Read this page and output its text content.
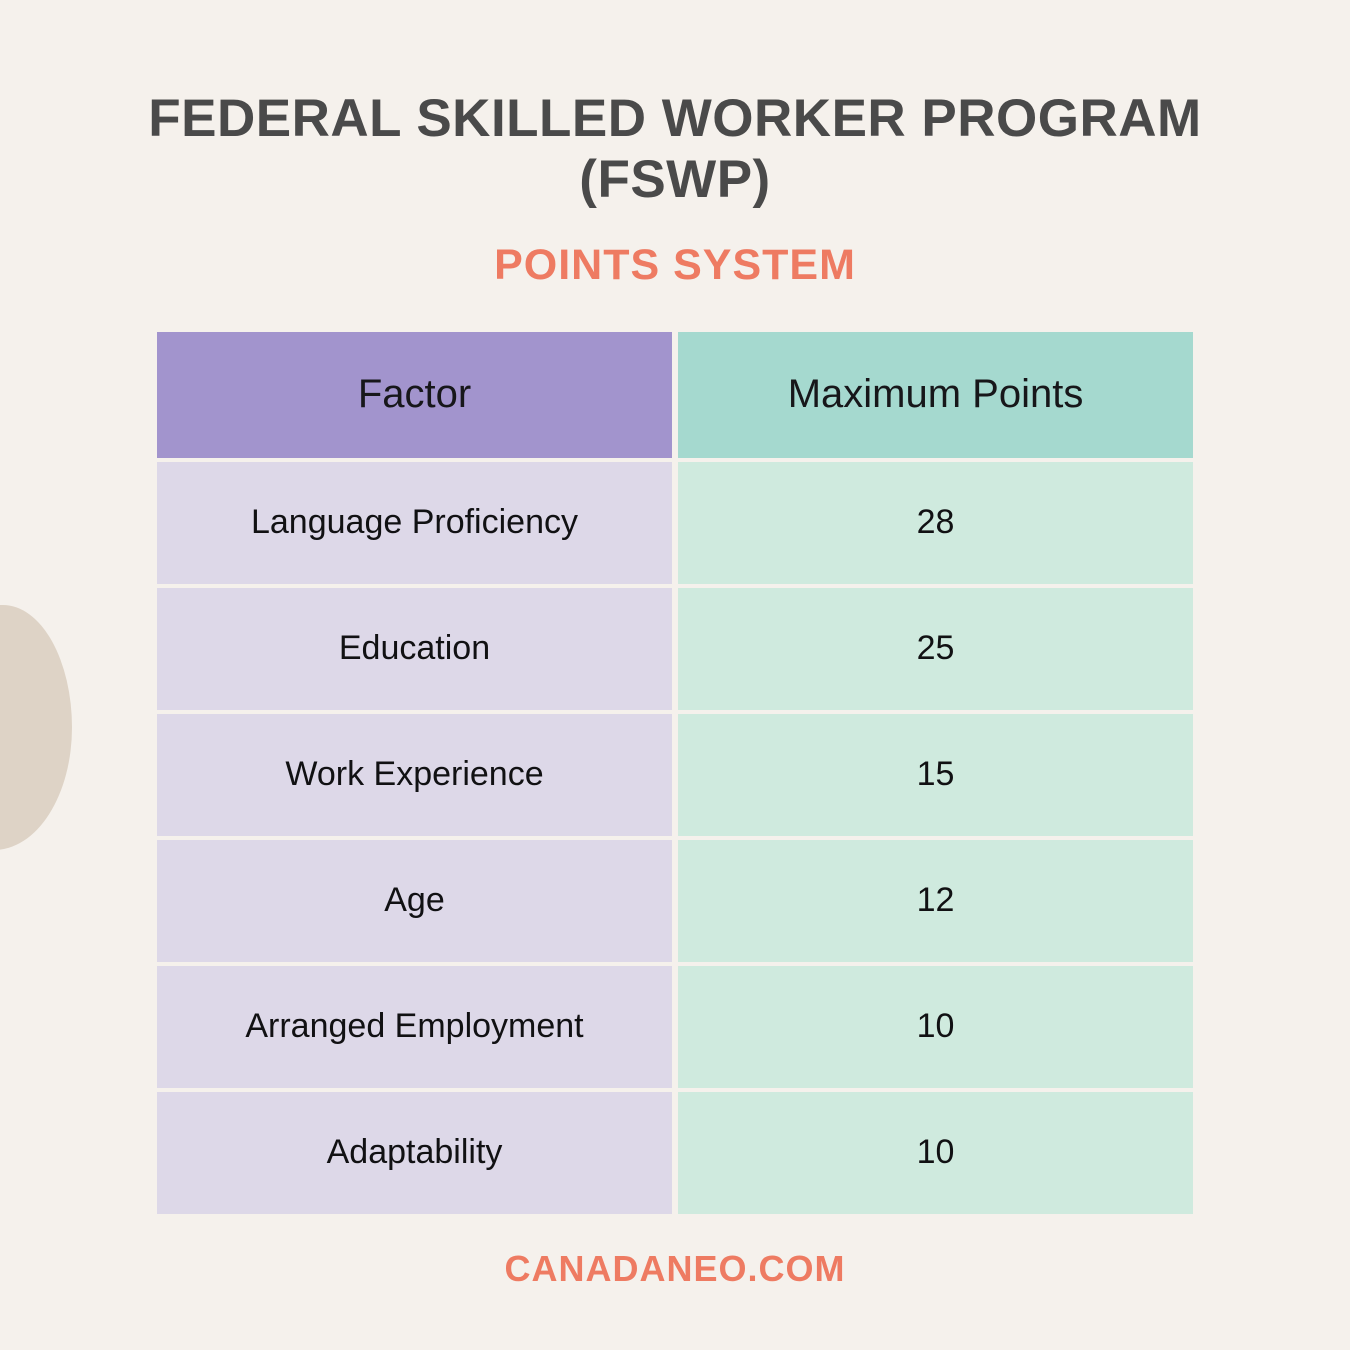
FEDERAL SKILLED WORKER PROGRAM (FSWP)
POINTS SYSTEM
Factor	Maximum Points
Language Proficiency	28
Education	25
Work Experience	15
Age	12
Arranged Employment	10
Adaptability	10
CANADANEO.COM
